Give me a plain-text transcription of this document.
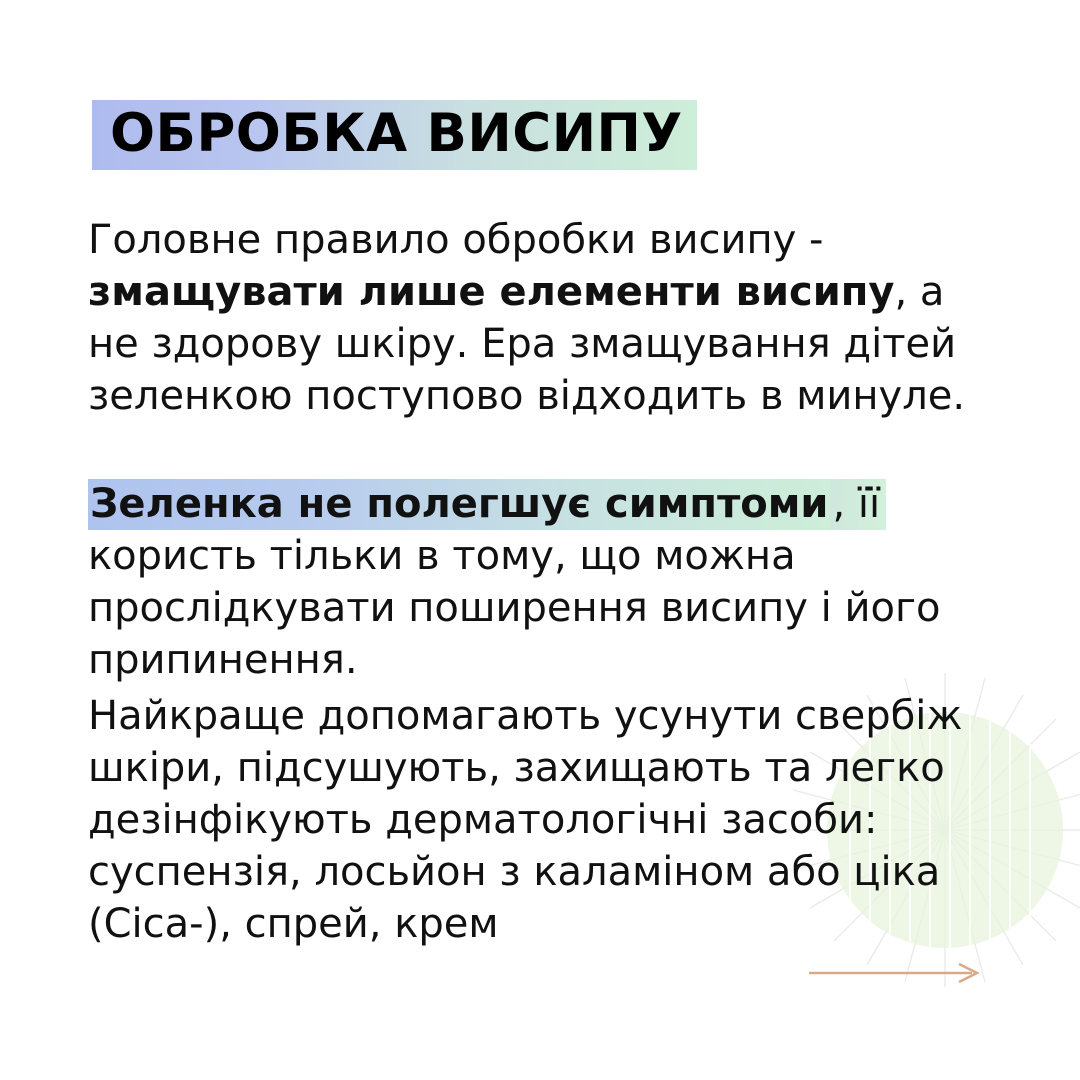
ОБРОБКА ВИСИПУ

Головне правило обробки висипу - змащувати лише елементи висипу, а не здорову шкіру. Ера змащування дітей зеленкою поступово відходить в минуле.

Зеленка не полегшує симптоми , її користь тільки в тому, що можна прослідкувати поширення висипу і його припинення.

Найкраще допомагають усунути свербіж шкіри, підсушують, захищають та легко дезінфікують дерматологічні засоби: суспензія, лосьйон з каламіном або ціка (Cica-), спрей, крем
